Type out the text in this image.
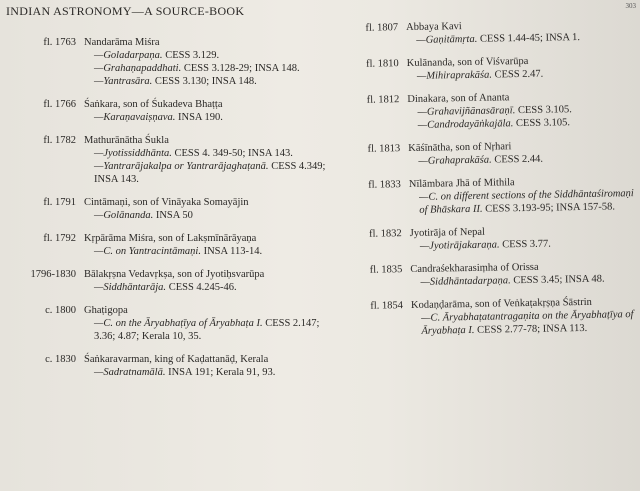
INDIAN ASTRONOMY—A SOURCE-BOOK	303
fl. 1763 Nandarāma Miśra
—Goladarpaṇa. CESS 3.129.
—Grahaṇapaddhati. CESS 3.128-29; INSA 148.
—Yantrasāra. CESS 3.130; INSA 148.
fl. 1766 Śaṅkara, son of Śukadeva Bhaṭṭa
—Karaṇavaiṣṇava. INSA 190.
fl. 1782 Mathurānātha Śukla
—Jyotissiddhānta. CESS 4. 349-50; INSA 143.
—Yantrarājakalpa or Yantrarājaghaṭanā. CESS 4.349; INSA 143.
fl. 1791 Cintāmaṇi, son of Vināyaka Somayājin
—Golānanda. INSA 50
fl. 1792 Kṛpārāma Miśra, son of Lakṣmīnārāyaṇa
—C. on Yantracintāmaṇi. INSA 113-14.
1796-1830 Bālakṛṣna Vedavṛkṣa, son of Jyotiḥsvarūpa
—Siddhāntarāja. CESS 4.245-46.
c. 1800 Ghaṭigopa
—C. on the Āryabhaṭīya of Āryabhaṭa I. CESS 2.147; 3.36; 4.87; Kerala 10, 35.
c. 1830 Śaṅkaravarman, king of Kaḍattanāḍ, Kerala
—Sadratnamālā. INSA 191; Kerala 91, 93.
fl. 1807 Abbaya Kavi
—Gaṇitāmṛta. CESS 1.44-45; INSA 1.
fl. 1810 Kulānanda, son of Viśvarūpa
—Mihiraprakāśa. CESS 2.47.
fl. 1812 Dinakara, son of Ananta
—Grahavijñānasāraṇī. CESS 3.105.
—Candrodayāṅkajāla. CESS 3.105.
fl. 1813 Kāśīnātha, son of Nṛhari
—Grahaprakāśa. CESS 2.44.
fl. 1833 Nīlāmbara Jhā of Mithila
—C. on different sections of the Siddhāntaśiromaṇi of Bhāskara II. CESS 3.193-95; INSA 157-58.
fl. 1832 Jyotirāja of Nepal
—Jyotirājakaraṇa. CESS 3.77.
fl. 1835 Candraśekharasiṃha of Orissa
—Siddhāntadarpaṇa. CESS 3.45; INSA 48.
fl. 1854 Kodaṇḍarāma, son of Veṅkaṭakṛṣṇa Śāstrin
—C. Āryabhaṭatantragaṇita on the Āryabhaṭīya of Āryabhaṭa I. CESS 2.77-78; INSA 113.
